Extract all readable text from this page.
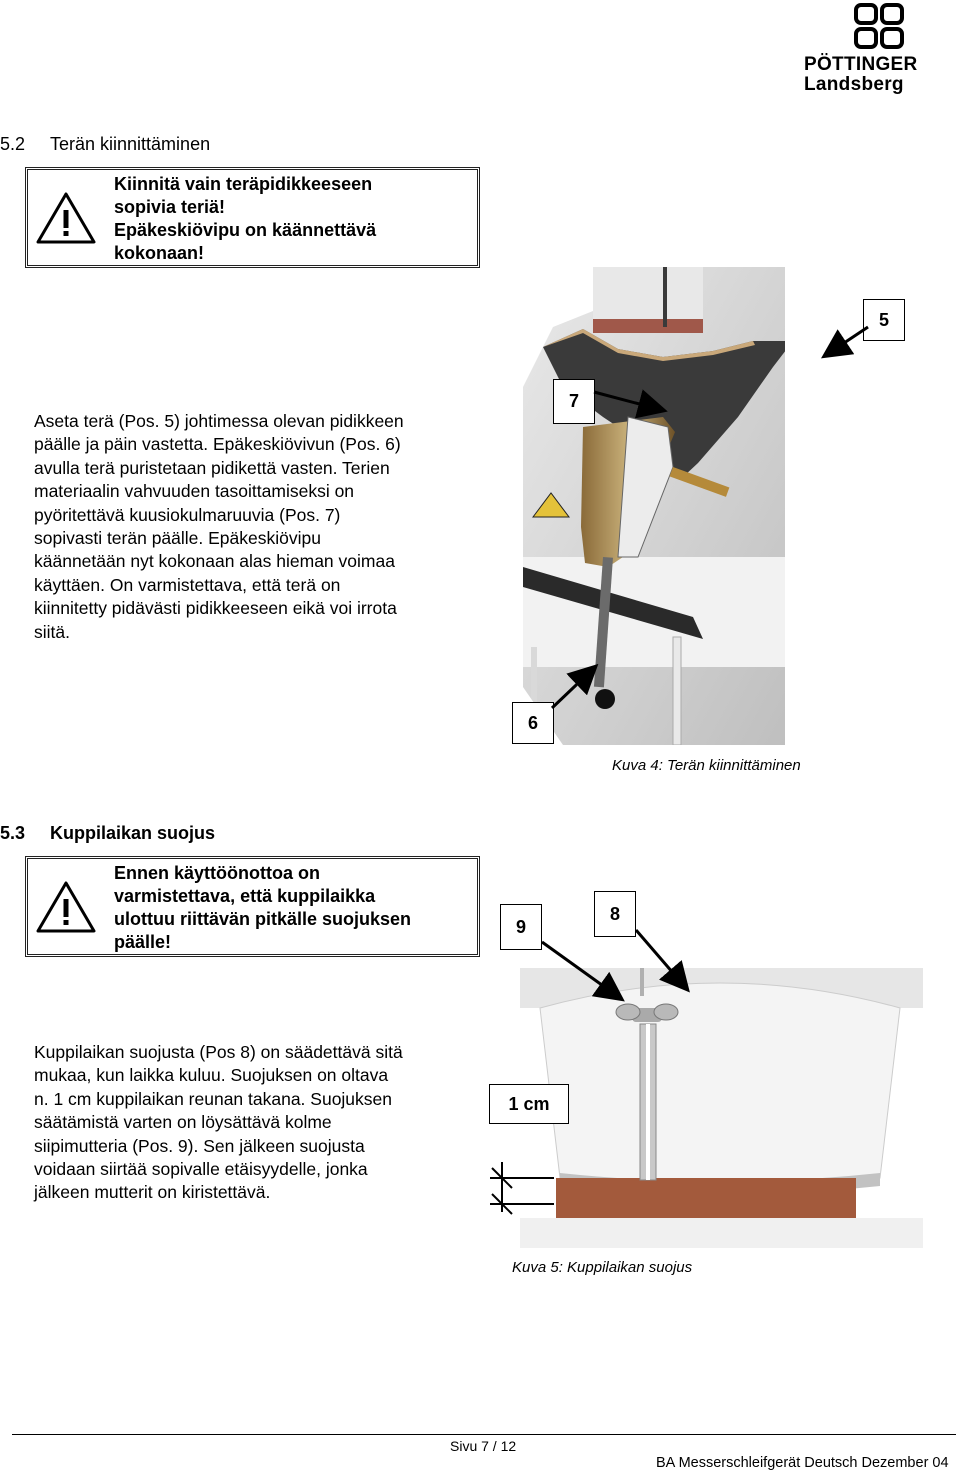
PÖTTINGER
Landsberg
5.2 Terän kiinnittäminen
Kiinnitä vain teräpidikkeeseen
sopivia teriä!
Epäkeskiövipu on käännettävä
kokonaan!
5
7
6
Aseta terä (Pos. 5) johtimessa olevan pidikkeen
päälle ja päin vastetta. Epäkeskiövivun (Pos. 6)
avulla terä puristetaan pidikettä vasten. Terien
materiaalin vahvuuden tasoittamiseksi on
pyöritettävä kuusiokulmaruuvia (Pos. 7)
sopivasti terän päälle. Epäkeskiövipu
käännetään nyt kokonaan alas hieman voimaa
käyttäen. On varmistettava, että terä on
kiinnitetty pidävästi pidikkeeseen eikä voi irrota
siitä.
Kuva 4: Terän kiinnittäminen
5.3 Kuppilaikan suojus
Ennen käyttöönottoa on
varmistettava, että kuppilaikka
ulottuu riittävän pitkälle suojuksen
päälle!
9
8
1 cm
Kuppilaikan suojusta (Pos 8) on säädettävä sitä
mukaa, kun laikka kuluu. Suojuksen on oltava
n. 1 cm kuppilaikan reunan takana. Suojuksen
säätämistä varten on löysättävä kolme
siipimutteria (Pos. 9). Sen jälkeen suojusta
voidaan siirtää sopivalle etäisyydelle, jonka
jälkeen mutterit on kiristettävä.
Kuva 5: Kuppilaikan suojus
Sivu 7 / 12
BA Messerschleifgerät Deutsch Dezember 04
